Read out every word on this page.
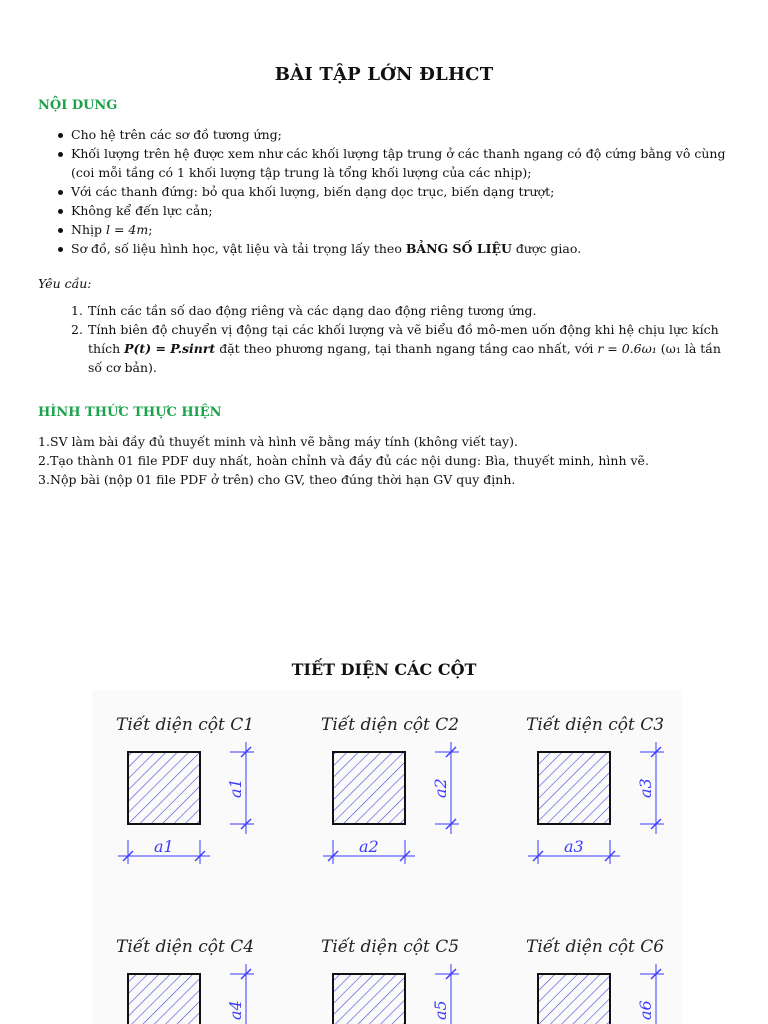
BÀI TẬP LỚN ĐLHCT
NỘI DUNG
Cho hệ trên các sơ đồ tương ứng;
Khối lượng trên hệ được xem như các khối lượng tập trung ở các thanh ngang có độ cứng bằng vô cùng (coi mỗi tầng có 1 khối lượng tập trung là tổng khối lượng của các nhịp);
Với các thanh đứng: bỏ qua khối lượng, biến dạng dọc trục, biến dạng trượt;
Không kể đến lực cản;
Nhịp l = 4m;
Sơ đồ, số liệu hình học, vật liệu và tải trọng lấy theo BẢNG SỐ LIỆU được giao.
Yêu cầu:
1. Tính các tần số dao động riêng và các dạng dao động riêng tương ứng.
2. Tính biên độ chuyển vị động tại các khối lượng và vẽ biểu đồ mô-men uốn động khi hệ chịu lực kích thích P(t) = P.sinrt đặt theo phương ngang, tại thanh ngang tầng cao nhất, với r = 0.6ω₁ (ω₁ là tần số cơ bản).
HÌNH THỨC THỰC HIỆN
1. SV làm bài đầy đủ thuyết minh và hình vẽ bằng máy tính (không viết tay).
2. Tạo thành 01 file PDF duy nhất, hoàn chỉnh và đầy đủ các nội dung: Bìa, thuyết minh, hình vẽ.
3. Nộp bài (nộp 01 file PDF ở trên) cho GV, theo đúng thời hạn GV quy định.
TIẾT DIỆN CÁC CỘT
Tiết diện cột C1
a1
a1
Tiết diện cột C2
a2
a2
Tiết diện cột C3
a3
a3
Tiết diện cột C4
a4
Tiết diện cột C5
a5
Tiết diện cột C6
a6
